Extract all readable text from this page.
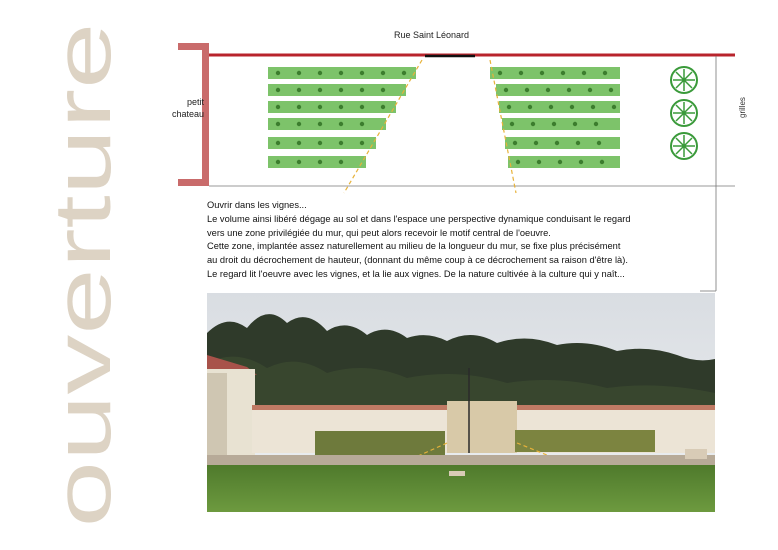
ouverture
Rue Saint Léonard
petit
chateau	grilles

Ouvrir dans les vignes...

Le volume ainsi libéré dégage au sol et dans l'espace une perspective dynamique conduisant le regard

vers une zone privilégiée du mur, qui peut alors recevoir le motif central de l'oeuvre.

Cette zone, implantée assez naturellement au milieu de la longueur du mur, se fixe plus précisément

au droit du décrochement de hauteur, (donnant du même coup à ce décrochement sa raison d'être là).

Le regard lit l'oeuvre avec les vignes, et la lie aux vignes. De la nature cultivée à la culture qui y naît...
